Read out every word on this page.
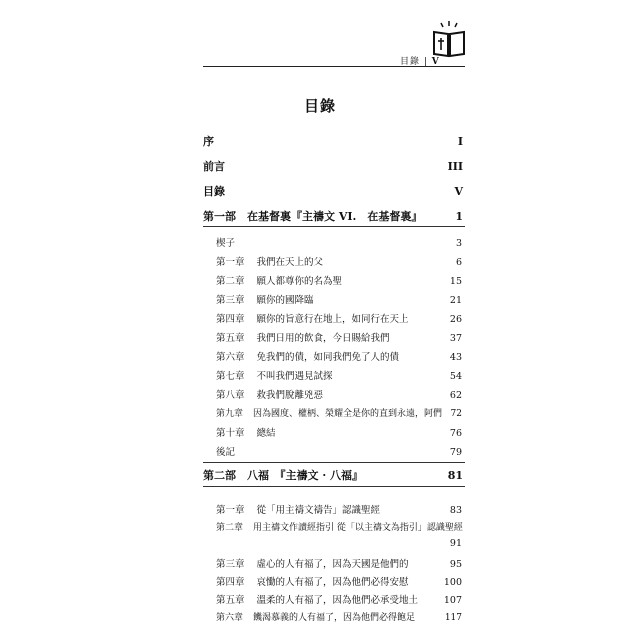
目錄 | V
目錄
序	I
前言	III
目錄	V
第一部　在基督裏『主禱文 VI.　在基督裏』	1
楔子	3
第一章 我們在天上的父	6
第二章 願人都尊你的名為聖	15
第三章 願你的國降臨	21
第四章 願你的旨意行在地上，如同行在天上	26
第五章 我們日用的飲食，今日賜給我們	37
第六章 免我們的債，如同我們免了人的債	43
第七章 不叫我們遇見試探	54
第八章 救我們脫離兇惡	62
第九章 因為國度、權柄、榮耀全是你的直到永遠，阿們 72
第十章 總結	76
後記	79
第二部　八福　『主禱文 · 八福』	81
第一章 從「用主禱文禱告」認識聖經	83
第二章 用主禱文作讀經指引 從「以主禱文為指引」認識聖經
91
第三章 虛心的人有福了，因為天國是他們的	95
第四章 哀慟的人有福了，因為他們必得安慰	100
第五章 溫柔的人有福了，因為他們必承受地土	107
第六章 饑渴慕義的人有福了，因為他們必得飽足	117
